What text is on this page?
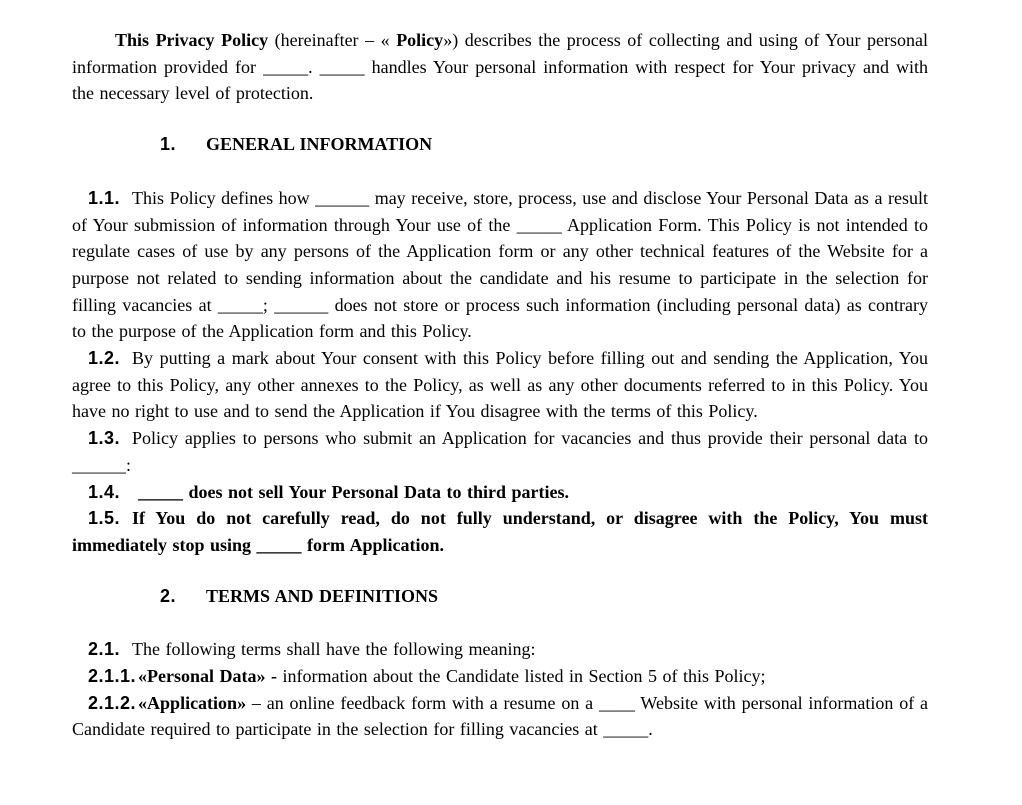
This Privacy Policy (hereinafter – « Policy») describes the process of collecting and using of Your personal information provided for _____. _____ handles Your personal information with respect for Your privacy and with the necessary level of protection.

1. GENERAL INFORMATION

1.1. This Policy defines how ______ may receive, store, process, use and disclose Your Personal Data as a result of Your submission of information through Your use of the _____ Application Form. This Policy is not intended to regulate cases of use by any persons of the Application form or any other technical features of the Website for a purpose not related to sending information about the candidate and his resume to participate in the selection for filling vacancies at _____; ______ does not store or process such information (including personal data) as contrary to the purpose of the Application form and this Policy.

1.2. By putting a mark about Your consent with this Policy before filling out and sending the Application, You agree to this Policy, any other annexes to the Policy, as well as any other documents referred to in this Policy. You have no right to use and to send the Application if You disagree with the terms of this Policy.

1.3. Policy applies to persons who submit an Application for vacancies and thus provide their personal data to ______:

1.4. _____ does not sell Your Personal Data to third parties.

1.5. If You do not carefully read, do not fully understand, or disagree with the Policy, You must immediately stop using _____ form Application.

2. TERMS AND DEFINITIONS

2.1. The following terms shall have the following meaning:

2.1.1. «Personal Data» - information about the Candidate listed in Section 5 of this Policy;

2.1.2. «Application» – an online feedback form with a resume on a ____ Website with personal information of a Candidate required to participate in the selection for filling vacancies at _____.
